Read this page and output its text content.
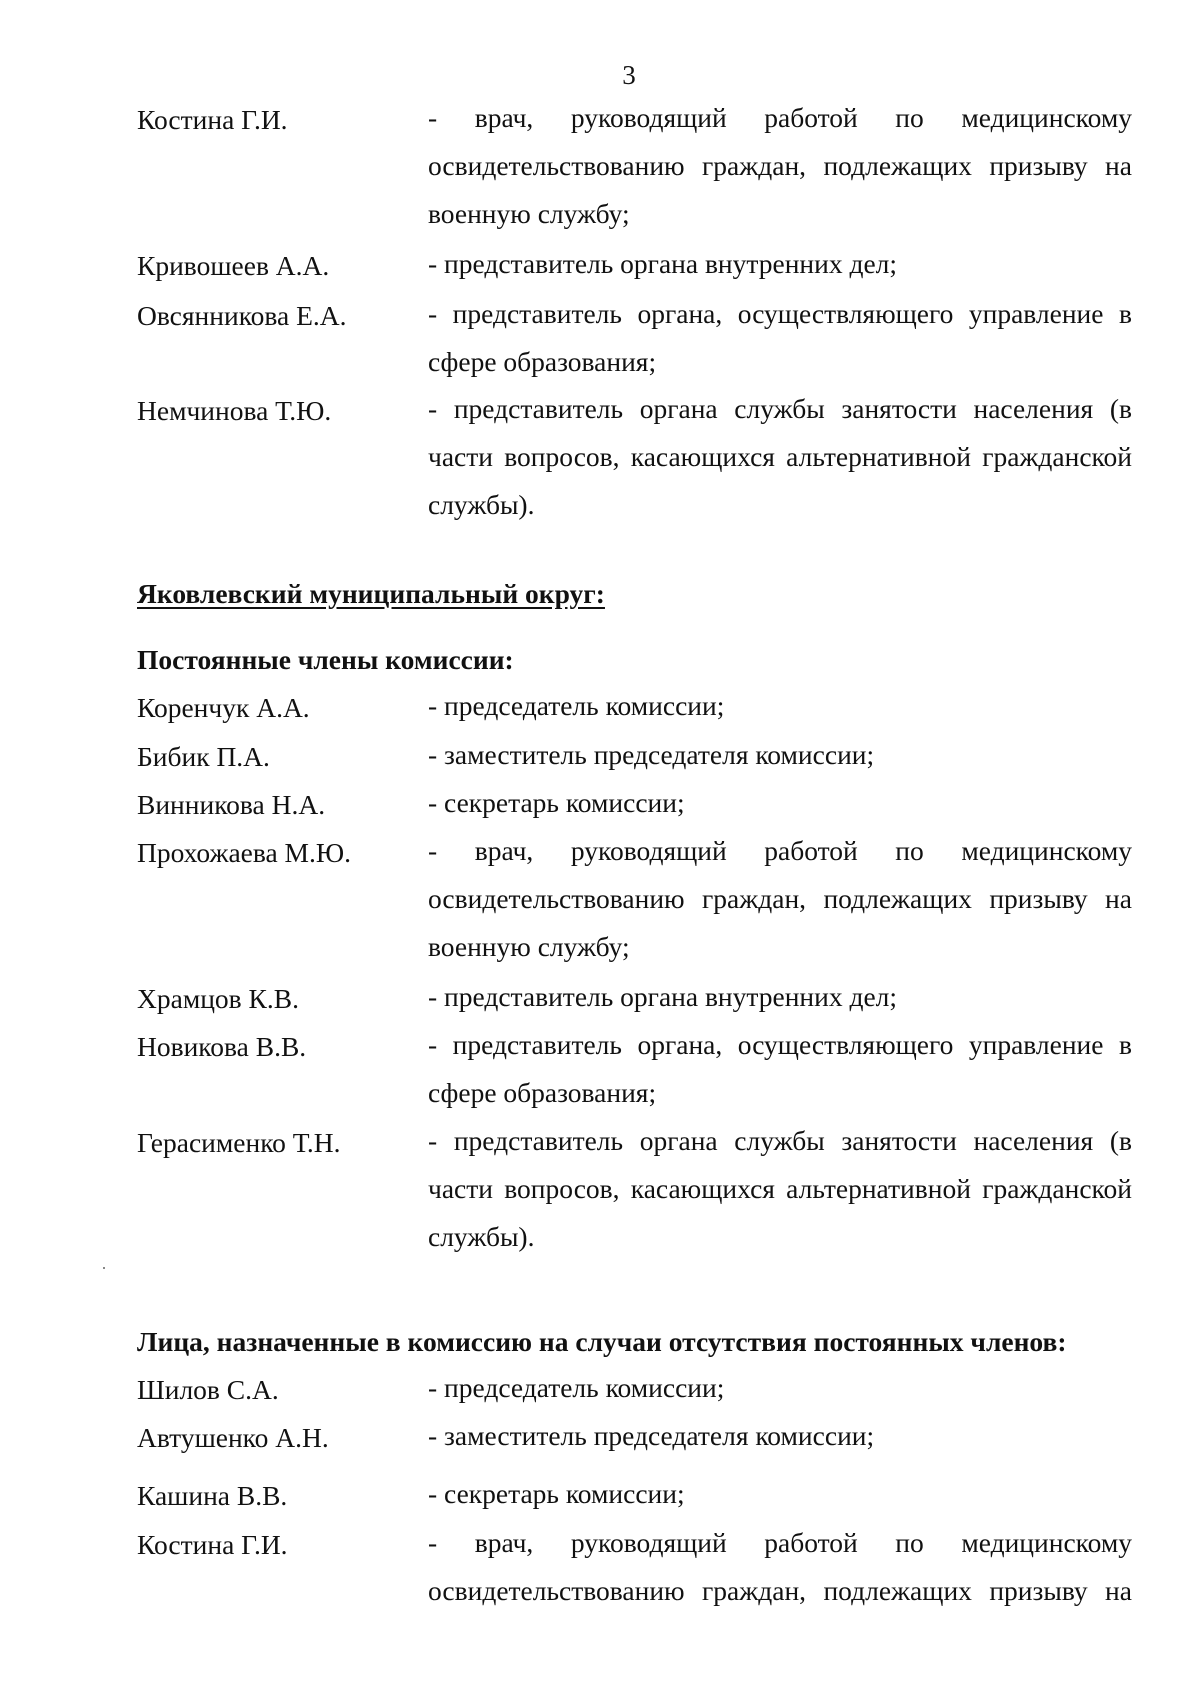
3
Костина Г.И.	- врач, руководящий работой по медицинскому освидетельствованию граждан, подлежащих призыву на военную службу;
Кривошеев А.А.	- представитель органа внутренних дел;
Овсянникова Е.А.	- представитель органа, осуществляющего управление в сфере образования;
Немчинова Т.Ю.	- представитель органа службы занятости населения (в части вопросов, касающихся альтернативной гражданской службы).
Яковлевский муниципальный округ:
Постоянные члены комиссии:
Коренчук А.А.	- председатель комиссии;
Бибик П.А.	- заместитель председателя комиссии;
Винникова Н.А.	- секретарь комиссии;
Прохожаева М.Ю.	- врач, руководящий работой по медицинскому освидетельствованию граждан, подлежащих призыву на военную службу;
Храмцов К.В.	- представитель органа внутренних дел;
Новикова В.В.	- представитель органа, осуществляющего управление в сфере образования;
Герасименко Т.Н.	- представитель органа службы занятости населения (в части вопросов, касающихся альтернативной гражданской службы).
Лица, назначенные в комиссию на случаи отсутствия постоянных членов:
Шилов С.А.	- председатель комиссии;
Автушенко А.Н.	- заместитель председателя комиссии;
Кашина В.В.	- секретарь комиссии;
Костина Г.И.	- врач, руководящий работой по медицинскому освидетельствованию граждан, подлежащих призыву на
